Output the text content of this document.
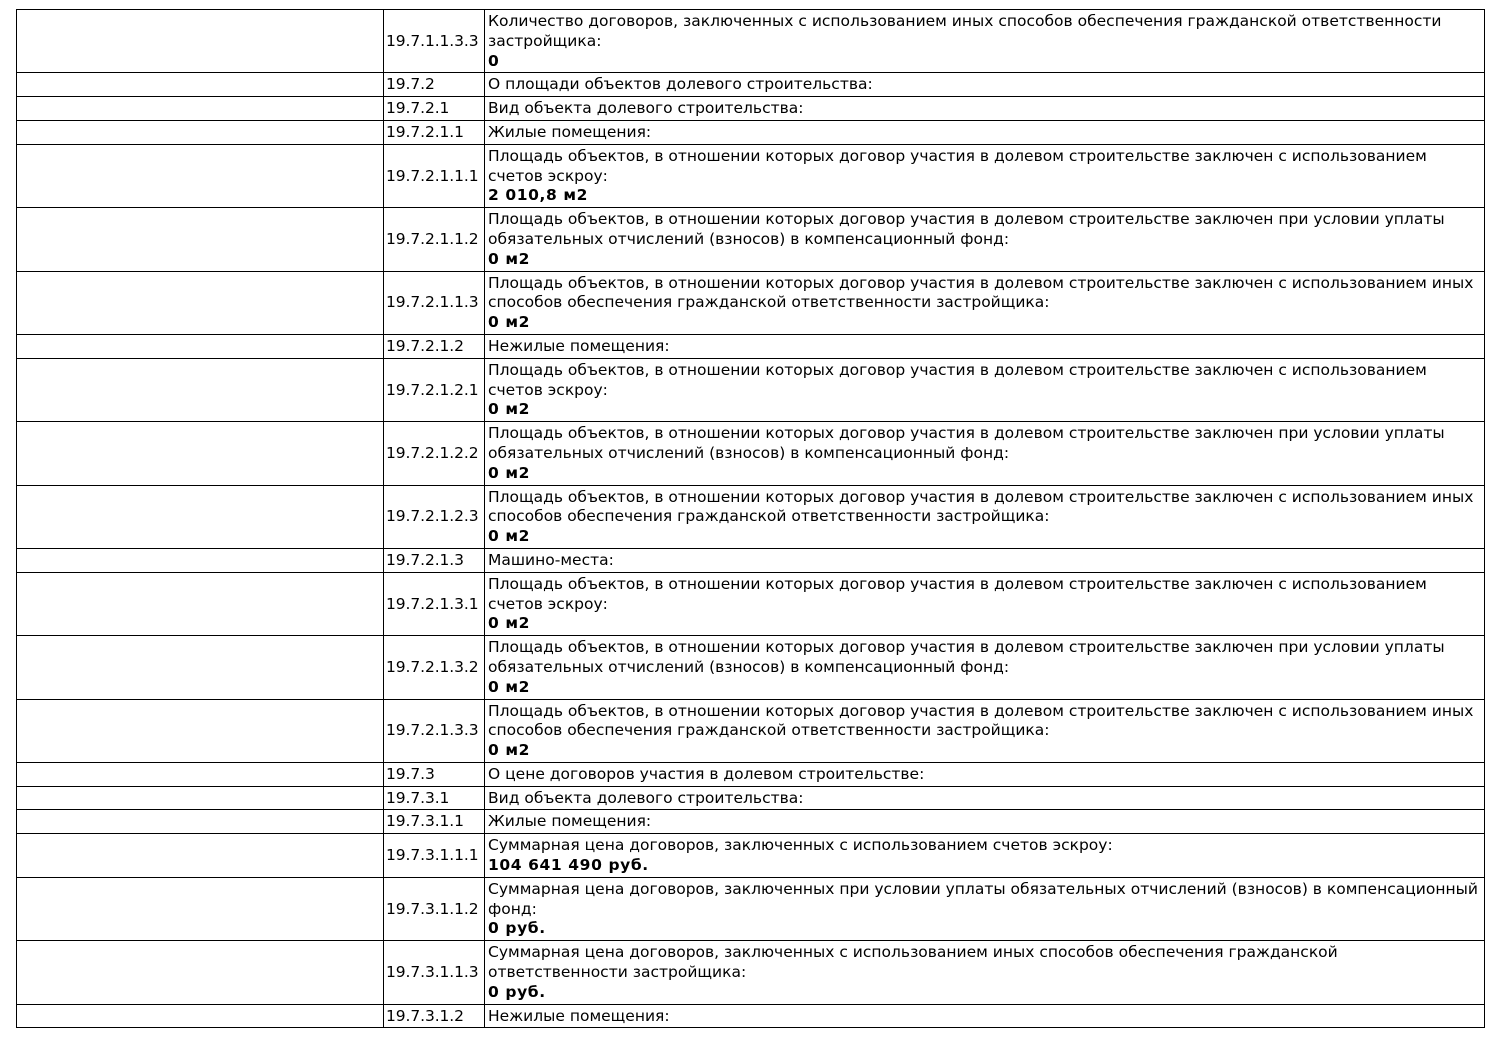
	19.7.1.1.3.3	Количество договоров, заключенных с использованием иных способов обеспечения гражданской ответственности застройщика:
0

	19.7.2	О площади объектов долевого строительства:

	19.7.2.1	Вид объекта долевого строительства:

	19.7.2.1.1	Жилые помещения:

	19.7.2.1.1.1	Площадь объектов, в отношении которых договор участия в долевом строительстве заключен с использованием счетов эскроу:
2 010,8 м2

	19.7.2.1.1.2	Площадь объектов, в отношении которых договор участия в долевом строительстве заключен при условии уплаты обязательных отчислений (взносов) в компенсационный фонд:
0 м2

	19.7.2.1.1.3	Площадь объектов, в отношении которых договор участия в долевом строительстве заключен с использованием иных способов обеспечения гражданской ответственности застройщика:
0 м2

	19.7.2.1.2	Нежилые помещения:

	19.7.2.1.2.1	Площадь объектов, в отношении которых договор участия в долевом строительстве заключен с использованием счетов эскроу:
0 м2

	19.7.2.1.2.2	Площадь объектов, в отношении которых договор участия в долевом строительстве заключен при условии уплаты обязательных отчислений (взносов) в компенсационный фонд:
0 м2

	19.7.2.1.2.3	Площадь объектов, в отношении которых договор участия в долевом строительстве заключен с использованием иных способов обеспечения гражданской ответственности застройщика:
0 м2

	19.7.2.1.3	Машино-места:

	19.7.2.1.3.1	Площадь объектов, в отношении которых договор участия в долевом строительстве заключен с использованием счетов эскроу:
0 м2

	19.7.2.1.3.2	Площадь объектов, в отношении которых договор участия в долевом строительстве заключен при условии уплаты обязательных отчислений (взносов) в компенсационный фонд:
0 м2

	19.7.2.1.3.3	Площадь объектов, в отношении которых договор участия в долевом строительстве заключен с использованием иных способов обеспечения гражданской ответственности застройщика:
0 м2

	19.7.3	О цене договоров участия в долевом строительстве:

	19.7.3.1	Вид объекта долевого строительства:

	19.7.3.1.1	Жилые помещения:

	19.7.3.1.1.1	Суммарная цена договоров, заключенных с использованием счетов эскроу:
104 641 490 руб.

	19.7.3.1.1.2	Суммарная цена договоров, заключенных при условии уплаты обязательных отчислений (взносов) в компенсационный фонд:
0 руб.

	19.7.3.1.1.3	Суммарная цена договоров, заключенных с использованием иных способов обеспечения гражданской ответственности застройщика:
0 руб.

	19.7.3.1.2	Нежилые помещения:
